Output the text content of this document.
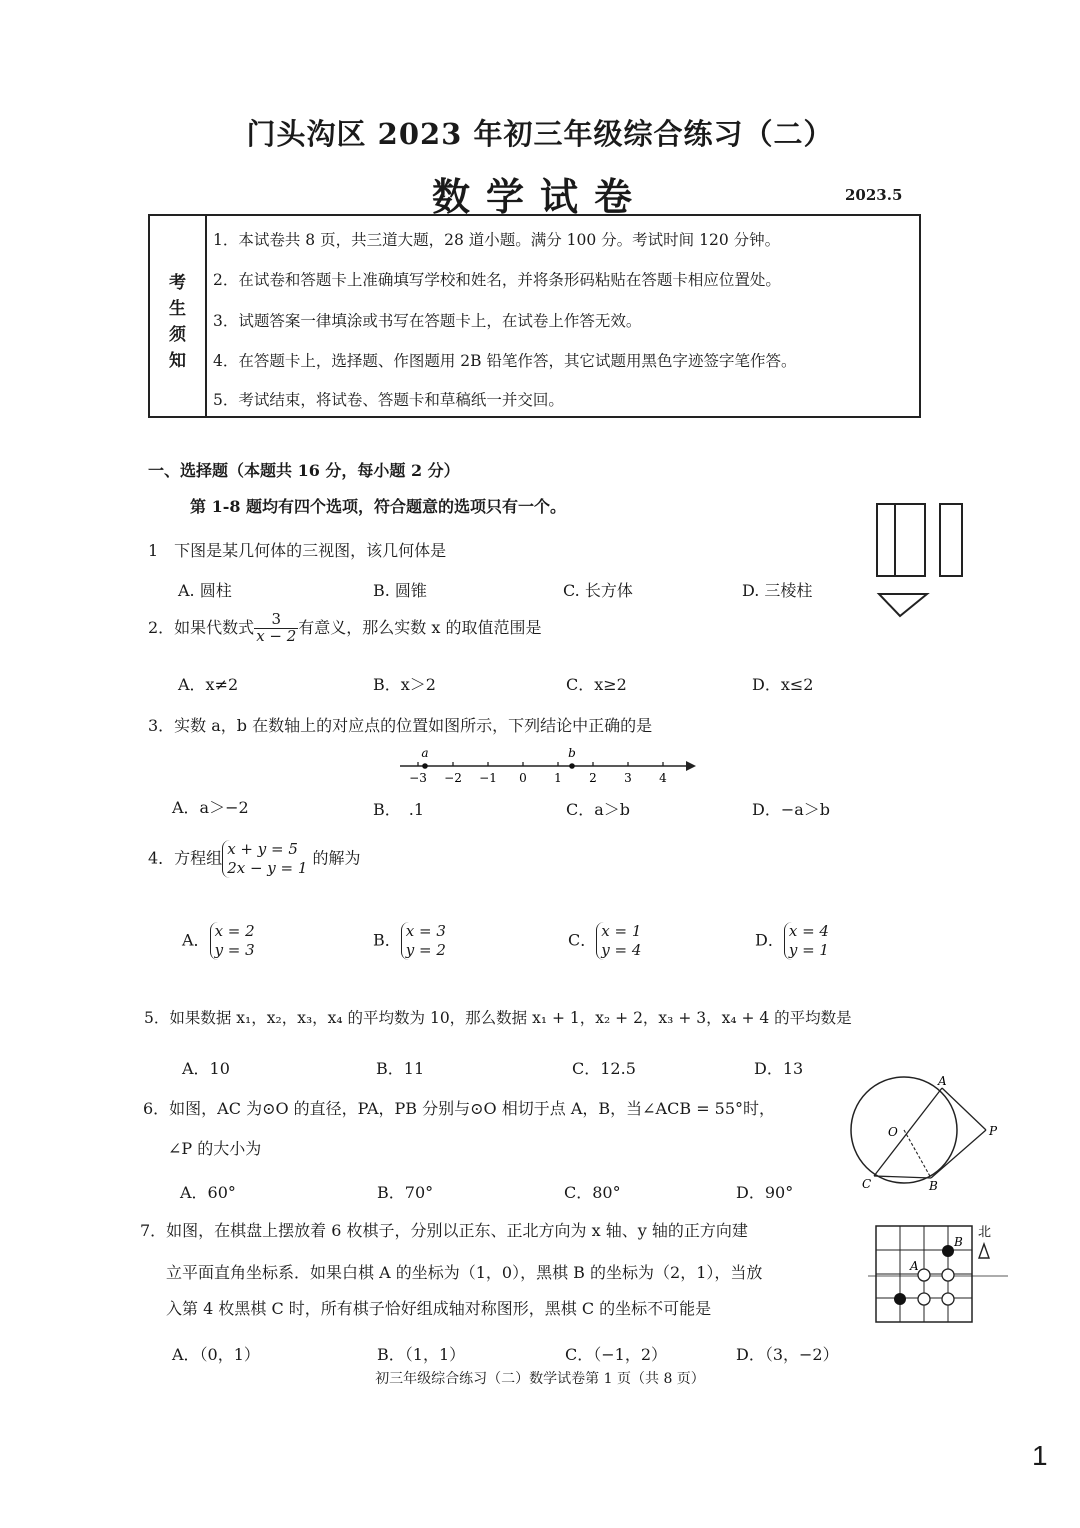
门头沟区 2023 年初三年级综合练习（二）
数学试卷	2023.5
考
生
须
知
1．本试卷共 8 页，共三道大题，28 道小题。满分 100 分。考试时间 120 分钟。
2．在试卷和答题卡上准确填写学校和姓名，并将条形码粘贴在答题卡相应位置处。
3．试题答案一律填涂或书写在答题卡上，在试卷上作答无效。
4．在答题卡上，选择题、作图题用 2B 铅笔作答，其它试题用黑色字迹签字笔作答。
5．考试结束，将试卷、答题卡和草稿纸一并交回。
一、选择题（本题共 16 分，每小题 2 分）
第 1-8 题均有四个选项，符合题意的选项只有一个。
1　下图是某几何体的三视图，该几何体是
A. 圆柱	B. 圆锥	C. 长方体	D. 三棱柱
2．如果代数式 $\frac{3}{x - 2}$ 有意义，那么实数 x 的取值范围是
A．x≠2	B．x＞2	C．x≥2	D．x≤2
3．实数 a，b 在数轴上的对应点的位置如图所示，下列结论中正确的是
−3 −2 −1 0 1 2 3 4
a	b
A．a＞−2	B．　.1	C．a＞b	D．−a＞b
4．方程组 x + y = 5
2x − y = 1
的解为
A． x = 2
y = 3
B． x = 3
y = 2
C． x = 1
y = 4
D． x = 4
y = 1
5．如果数据 x₁，x₂，x₃，x₄ 的平均数为 10，那么数据 x₁ + 1，x₂ + 2，x₃ + 3，x₄ + 4 的平均数是
A．10	B．11	C．12.5	D．13
6．如图，AC 为⊙O 的直径，PA，PB 分别与⊙O 相切于点 A，B，当∠ACB = 55°时，
∠P 的大小为
A．60°	B．70°	C．80°	D．90°
A
O	P
C	B
7．如图，在棋盘上摆放着 6 枚棋子，分别以正东、正北方向为 x 轴、y 轴的正方向建
立平面直角坐标系．如果白棋 A 的坐标为（1，0），黑棋 B 的坐标为（2，1），当放
入第 4 枚黑棋 C 时，所有棋子恰好组成轴对称图形，黑棋 C 的坐标不可能是
A．（0，1）	B．（1，1）	C．（−1，2）	D．（3，−2）
北
B
A
初三年级综合练习（二）数学试卷第 1 页（共 8 页）
1
